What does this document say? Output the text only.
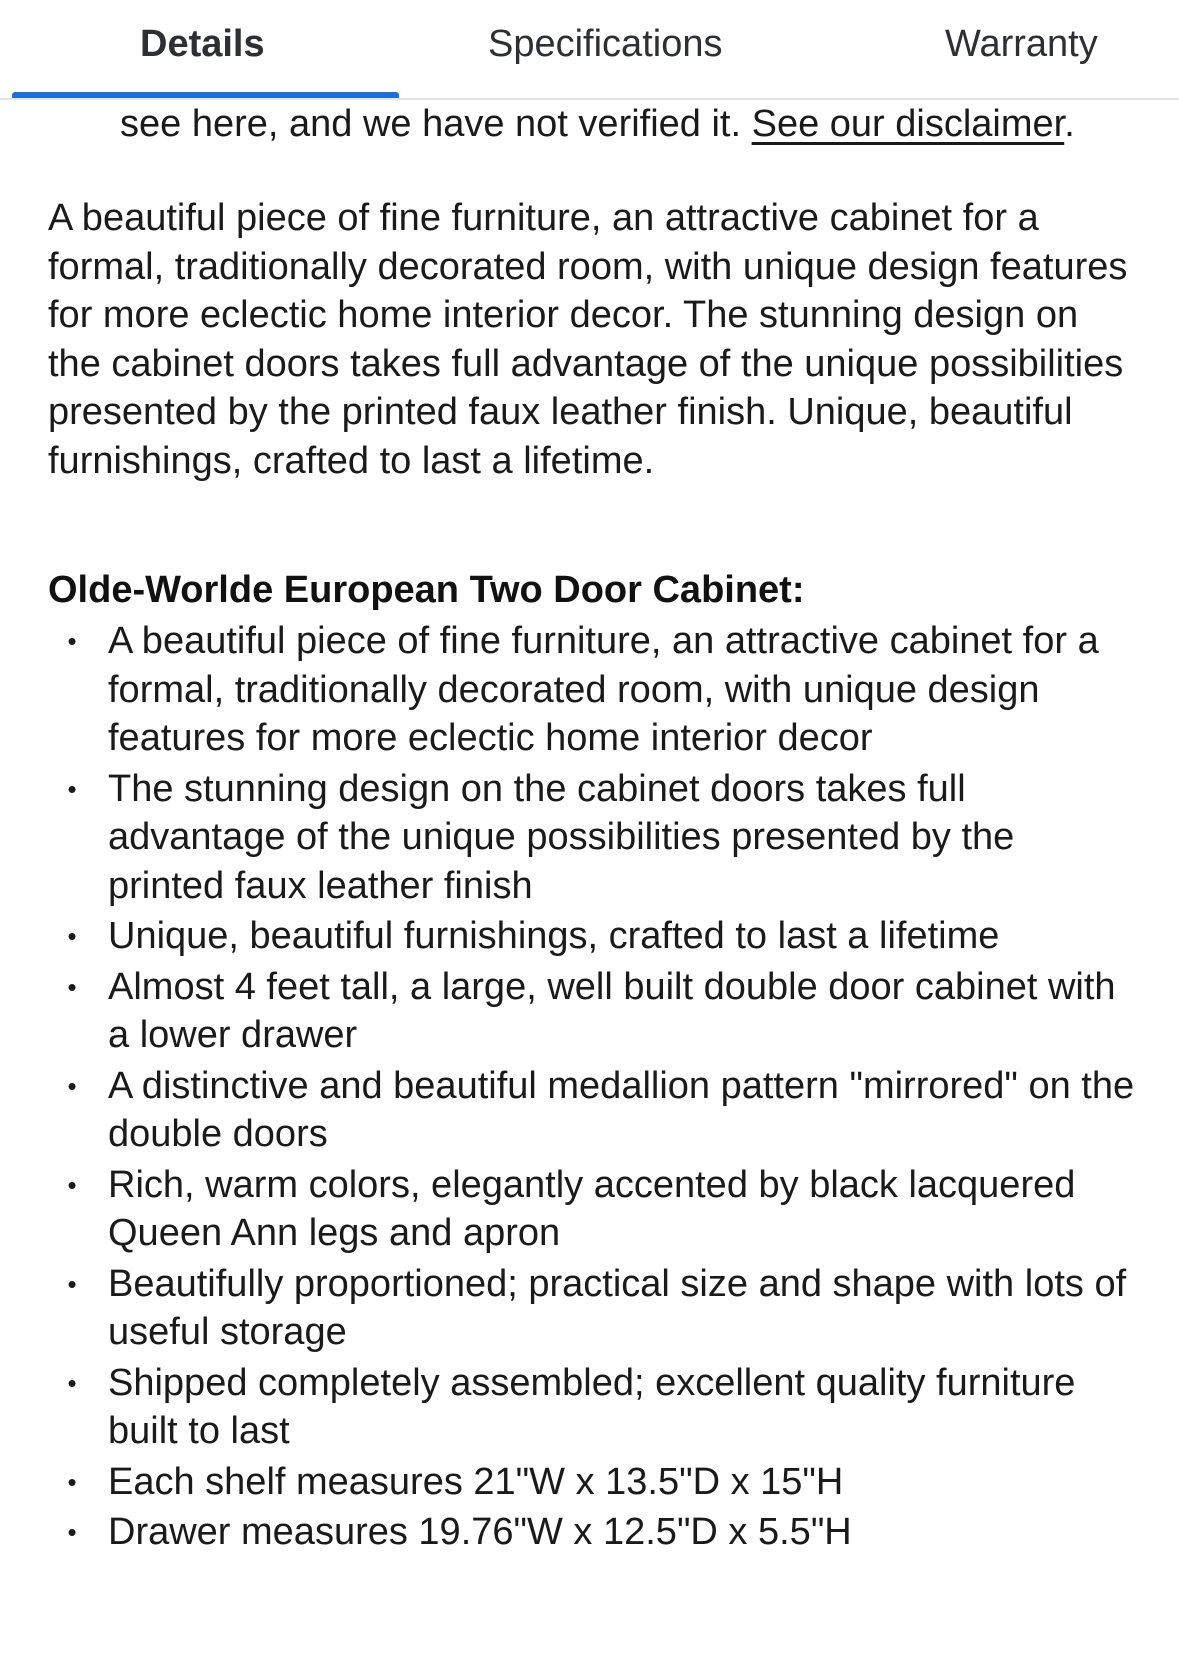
Details	Specifications	Warranty
see here, and we have not verified it. See our disclaimer.

A beautiful piece of fine furniture, an attractive cabinet for a formal, traditionally decorated room, with unique design features for more eclectic home interior decor. The stunning design on the cabinet doors takes full advantage of the unique possibilities presented by the printed faux leather finish. Unique, beautiful furnishings, crafted to last a lifetime.

Olde-Worlde European Two Door Cabinet:
• A beautiful piece of fine furniture, an attractive cabinet for a formal, traditionally decorated room, with unique design features for more eclectic home interior decor
• The stunning design on the cabinet doors takes full advantage of the unique possibilities presented by the printed faux leather finish
• Unique, beautiful furnishings, crafted to last a lifetime
• Almost 4 feet tall, a large, well built double door cabinet with a lower drawer
• A distinctive and beautiful medallion pattern "mirrored" on the double doors
• Rich, warm colors, elegantly accented by black lacquered Queen Ann legs and apron
• Beautifully proportioned; practical size and shape with lots of useful storage
• Shipped completely assembled; excellent quality furniture built to last
• Each shelf measures 21"W x 13.5"D x 15"H
• Drawer measures 19.76"W x 12.5"D x 5.5"H
